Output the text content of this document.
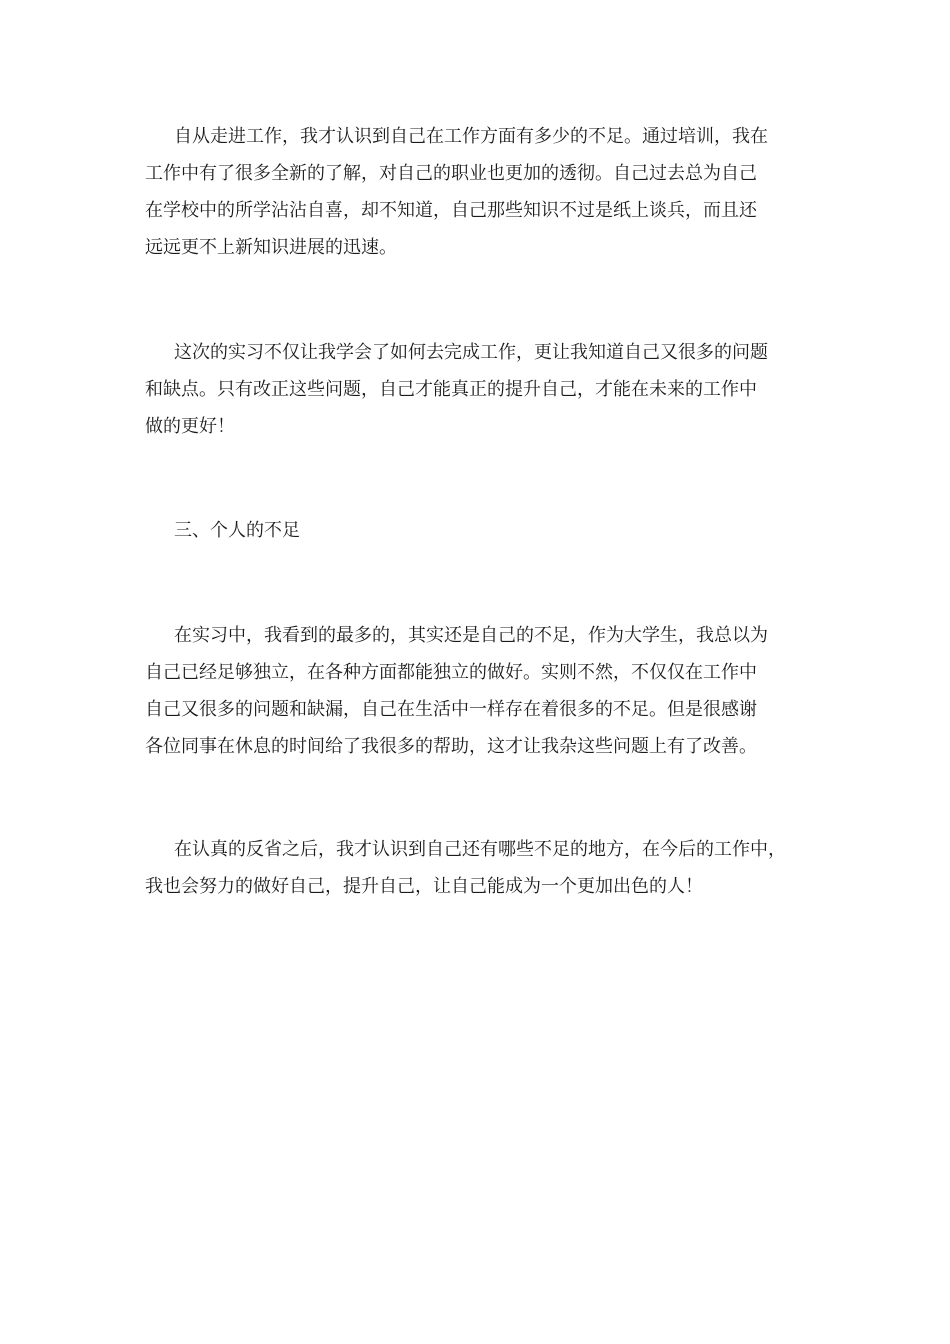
自从走进工作，我才认识到自己在工作方面有多少的不足。通过培训，我在
工作中有了很多全新的了解，对自己的职业也更加的透彻。自己过去总为自己
在学校中的所学沾沾自喜，却不知道，自己那些知识不过是纸上谈兵，而且还
远远更不上新知识进展的迅速。
这次的实习不仅让我学会了如何去完成工作，更让我知道自己又很多的问题
和缺点。只有改正这些问题，自己才能真正的提升自己，才能在未来的工作中
做的更好！
三、个人的不足
在实习中，我看到的最多的，其实还是自己的不足，作为大学生，我总以为
自己已经足够独立，在各种方面都能独立的做好。实则不然，不仅仅在工作中
自己又很多的问题和缺漏，自己在生活中一样存在着很多的不足。但是很感谢
各位同事在休息的时间给了我很多的帮助，这才让我杂这些问题上有了改善。
在认真的反省之后，我才认识到自己还有哪些不足的地方，在今后的工作中，
我也会努力的做好自己，提升自己，让自己能成为一个更加出色的人！
